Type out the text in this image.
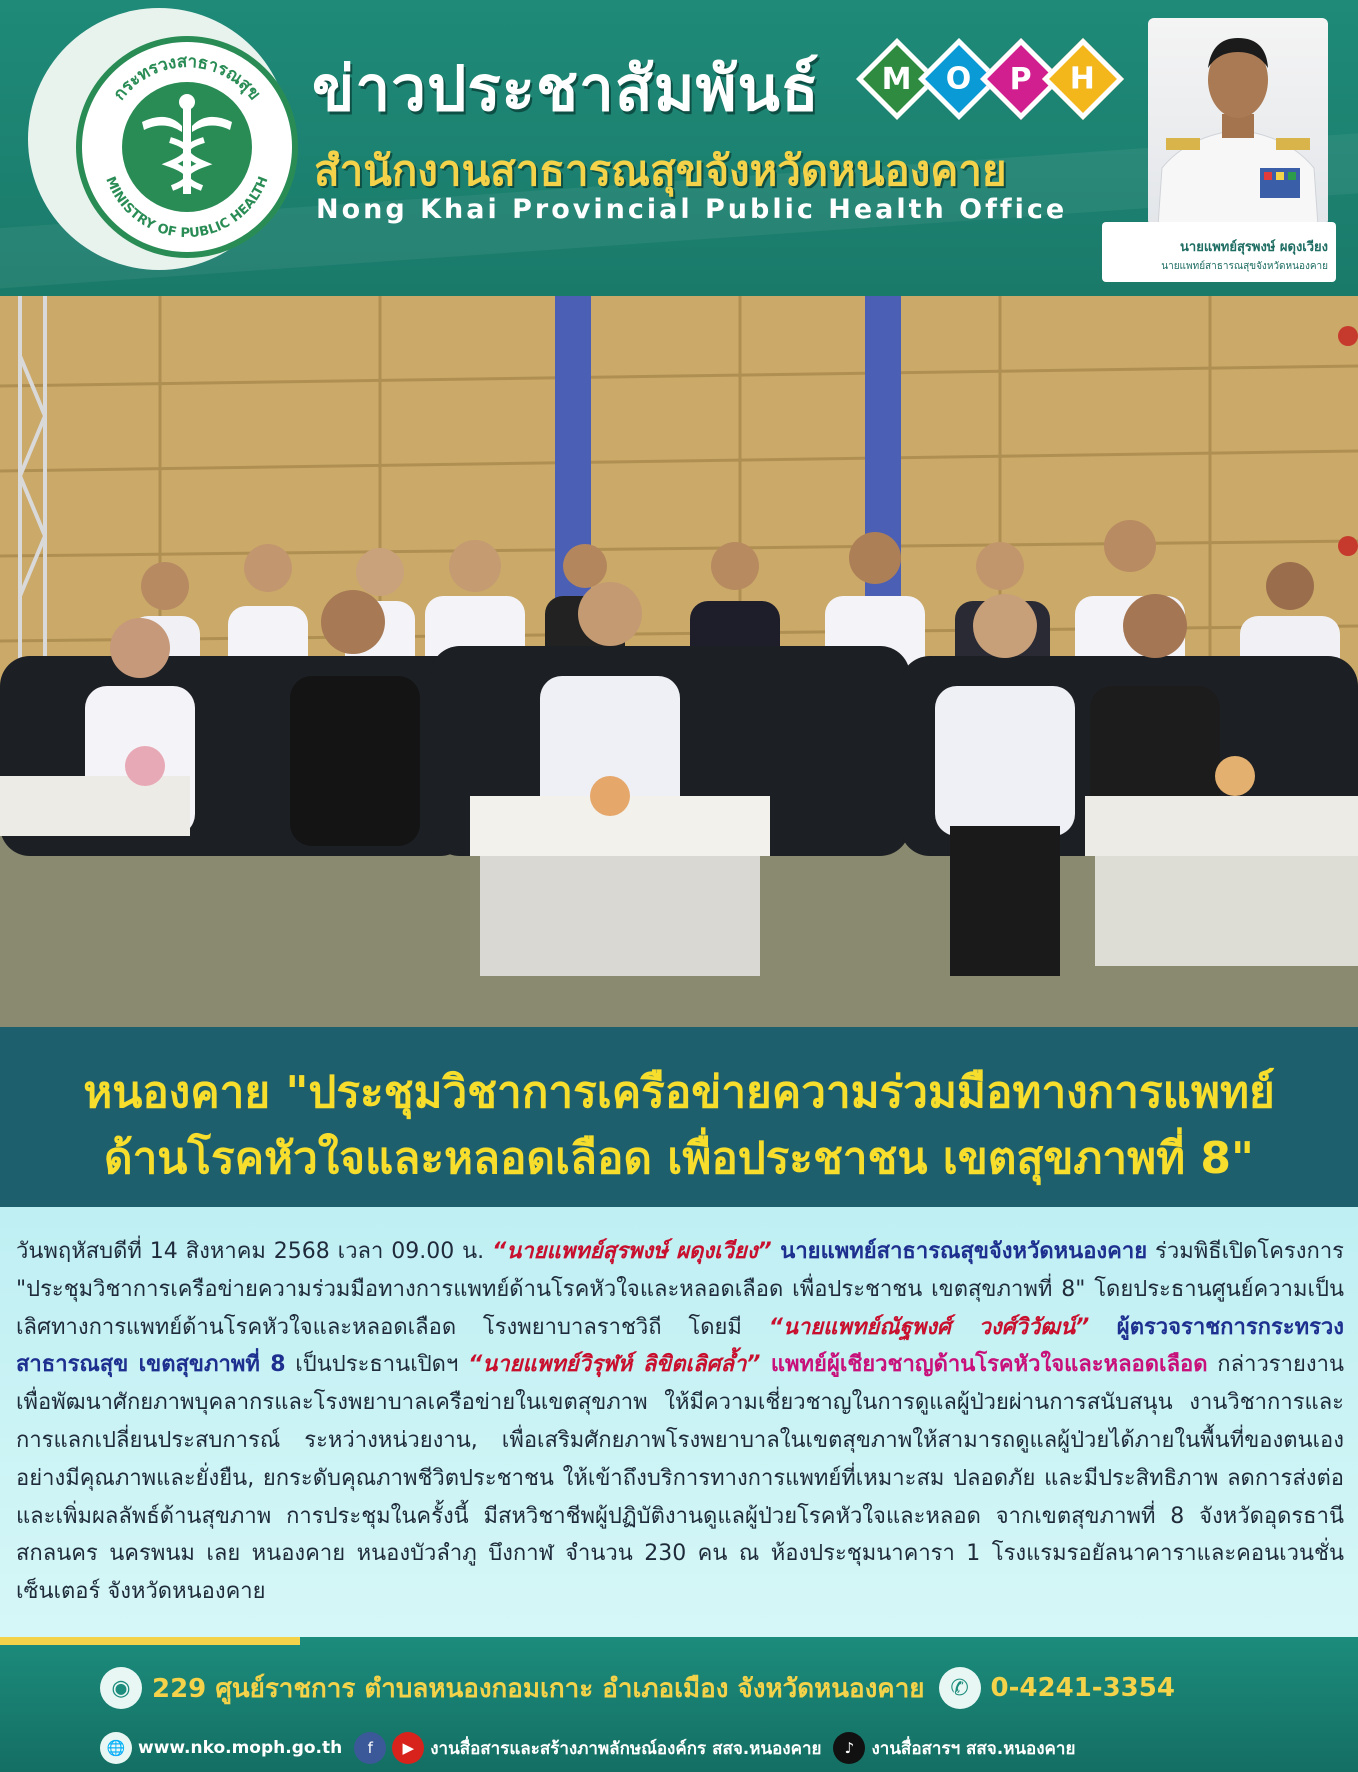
กระทรวงสาธารณสุข
MINISTRY OF PUBLIC HEALTH
ข่าวประชาสัมพันธ์ M O P H
สำนักงานสาธารณสุขจังหวัดหนองคาย
Nong Khai Provincial Public Health Office
นายแพทย์สุรพงษ์ ผดุงเวียง
นายแพทย์สาธารณสุขจังหวัดหนองคาย
หนองคาย "ประชุมวิชาการเครือข่ายความร่วมมือทางการแพทย์
ด้านโรคหัวใจและหลอดเลือด เพื่อประชาชน เขตสุขภาพที่ 8"

วันพฤหัสบดีที่ 14 สิงหาคม 2568 เวลา 09.00 น. “นายแพทย์สุรพงษ์ ผดุงเวียง” นายแพทย์สาธารณสุขจังหวัดหนองคาย ร่วมพิธีเปิดโครงการ "ประชุมวิชาการเครือข่ายความร่วมมือทางการแพทย์ด้านโรคหัวใจและหลอดเลือด เพื่อประชาชน เขตสุขภาพที่ 8" โดยประธานศูนย์ความเป็นเลิศทางการแพทย์ด้านโรคหัวใจและหลอดเลือด โรงพยาบาลราชวิถี โดยมี “นายแพทย์ณัฐพงศ์ วงศ์วิวัฒน์” ผู้ตรวจราชการกระทรวงสาธารณสุข เขตสุขภาพที่ 8 เป็นประธานเปิดฯ “นายแพทย์วิรุฬห์ ลิขิตเลิศล้ำ” แพทย์ผู้เชียวชาญด้านโรคหัวใจและหลอดเลือด กล่าวรายงาน เพื่อพัฒนาศักยภาพบุคลากรและโรงพยาบาลเครือข่ายในเขตสุขภาพ ให้มีความเชี่ยวชาญในการดูแลผู้ป่วยผ่านการสนับสนุน งานวิชาการและการแลกเปลี่ยนประสบการณ์ ระหว่างหน่วยงาน, เพื่อเสริมศักยภาพโรงพยาบาลในเขตสุขภาพให้สามารถดูแลผู้ป่วยได้ภายในพื้นที่ของตนเองอย่างมีคุณภาพและยั่งยืน, ยกระดับคุณภาพชีวิตประชาชน ให้เข้าถึงบริการทางการแพทย์ที่เหมาะสม ปลอดภัย และมีประสิทธิภาพ ลดการส่งต่อ และเพิ่มผลลัพธ์ด้านสุขภาพ การประชุมในครั้งนี้ มีสหวิชาชีพผู้ปฏิบัติงานดูแลผู้ป่วยโรคหัวใจและหลอด จากเขตสุขภาพที่ 8 จังหวัดอุดรธานี สกลนคร นครพนม เลย หนองคาย หนองบัวลำภู บึงกาฬ จำนวน 230 คน ณ ห้องประชุมนาคารา 1 โรงแรมรอยัลนาคาราและคอนเวนชั่นเซ็นเตอร์ จังหวัดหนองคาย

◉ 229 ศูนย์ราชการ ตำบลหนองกอมเกาะ อำเภอเมือง จังหวัดหนองคาย	✆ 0-4241-3354
🌐 www.nko.moph.go.th	f	▶ งานสื่อสารและสร้างภาพลักษณ์องค์กร สสจ.หนองคาย	♪	งานสื่อสารฯ สสจ.หนองคาย
